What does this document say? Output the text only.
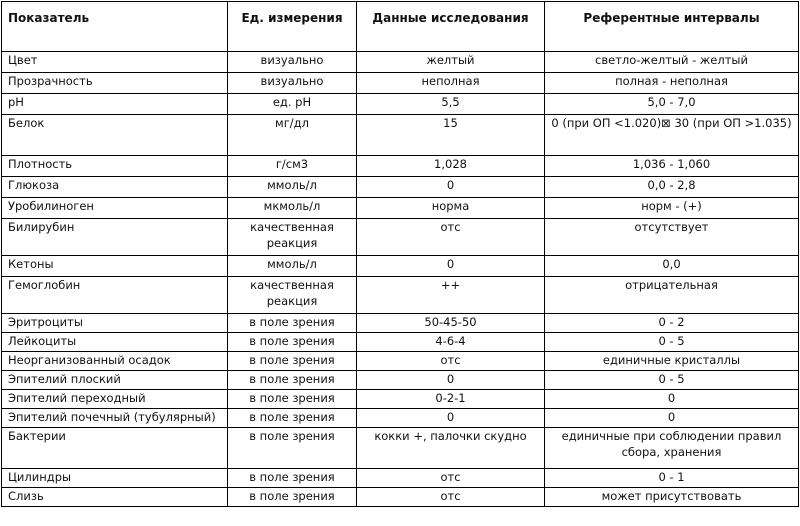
Показатель	Ед. измерения	Данные исследования	Референтные интервалы
Цвет	визуально	желтый	светло-желтый - желтый
Прозрачность	визуально	неполная	полная - неполная
pH	ед. pH	5,5	5,0 - 7,0
Белок	мг/дл	15	0 (при ОП <1.020)⊠ 30 (при ОП >1.035)
Плотность	г/см3	1,028	1,036 - 1,060
Глюкоза	ммоль/л	0	0,0 - 2,8
Уробилиноген	мкмоль/л	норма	норм - (+)
Билирубин	качественная реакция	отс	отсутствует
Кетоны	ммоль/л	0	0,0
Гемоглобин	качественная реакция	++	отрицательная
Эритроциты	в поле зрения	50-45-50	0 - 2
Лейкоциты	в поле зрения	4-6-4	0 - 5
Неорганизованный осадок	в поле зрения	отс	единичные кристаллы
Эпителий плоский	в поле зрения	0	0 - 5
Эпителий переходный	в поле зрения	0-2-1	0
Эпителий почечный (тубулярный)	в поле зрения	0	0
Бактерии	в поле зрения	кокки +, палочки скудно	единичные при соблюдении правил сбора, хранения
Цилиндры	в поле зрения	отс	0 - 1
Слизь	в поле зрения	отс	может присутствовать
